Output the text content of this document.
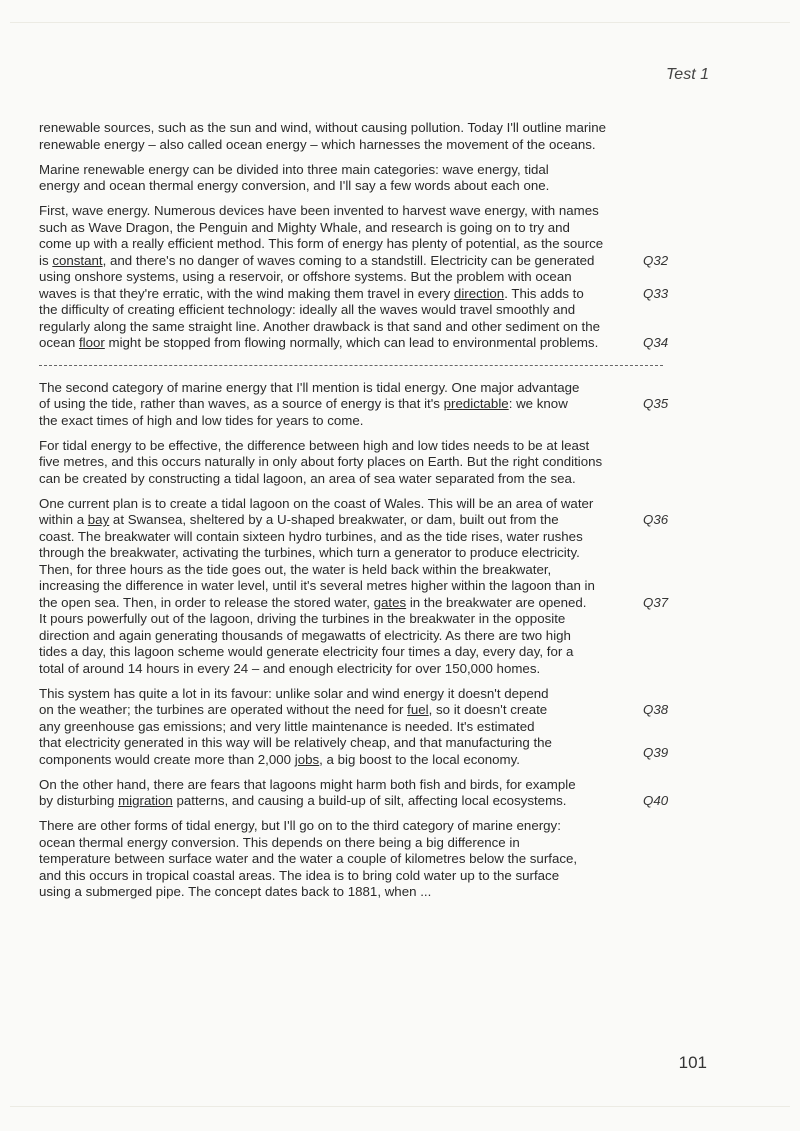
Test 1
renewable sources, such as the sun and wind, without causing pollution. Today I'll outline marine
renewable energy – also called ocean energy – which harnesses the movement of the oceans.
Marine renewable energy can be divided into three main categories: wave energy, tidal
energy and ocean thermal energy conversion, and I'll say a few words about each one.
First, wave energy. Numerous devices have been invented to harvest wave energy, with names
such as Wave Dragon, the Penguin and Mighty Whale, and research is going on to try and
come up with a really efficient method. This form of energy has plenty of potential, as the source
is constant, and there's no danger of waves coming to a standstill. Electricity can be generated
using onshore systems, using a reservoir, or offshore systems. But the problem with ocean
waves is that they're erratic, with the wind making them travel in every direction. This adds to
the difficulty of creating efficient technology: ideally all the waves would travel smoothly and
regularly along the same straight line. Another drawback is that sand and other sediment on the
ocean floor might be stopped from flowing normally, which can lead to environmental problems.
Q32
Q33
Q34
The second category of marine energy that I'll mention is tidal energy. One major advantage
of using the tide, rather than waves, as a source of energy is that it's predictable: we know
the exact times of high and low tides for years to come.
Q35
For tidal energy to be effective, the difference between high and low tides needs to be at least
five metres, and this occurs naturally in only about forty places on Earth. But the right conditions
can be created by constructing a tidal lagoon, an area of sea water separated from the sea.
One current plan is to create a tidal lagoon on the coast of Wales. This will be an area of water
within a bay at Swansea, sheltered by a U-shaped breakwater, or dam, built out from the
coast. The breakwater will contain sixteen hydro turbines, and as the tide rises, water rushes
through the breakwater, activating the turbines, which turn a generator to produce electricity.
Then, for three hours as the tide goes out, the water is held back within the breakwater,
increasing the difference in water level, until it's several metres higher within the lagoon than in
the open sea. Then, in order to release the stored water, gates in the breakwater are opened.
It pours powerfully out of the lagoon, driving the turbines in the breakwater in the opposite
direction and again generating thousands of megawatts of electricity. As there are two high
tides a day, this lagoon scheme would generate electricity four times a day, every day, for a
total of around 14 hours in every 24 – and enough electricity for over 150,000 homes.
Q36
Q37
This system has quite a lot in its favour: unlike solar and wind energy it doesn't depend
on the weather; the turbines are operated without the need for fuel, so it doesn't create
any greenhouse gas emissions; and very little maintenance is needed. It's estimated
that electricity generated in this way will be relatively cheap, and that manufacturing the
components would create more than 2,000 jobs, a big boost to the local economy.
Q38
Q39
On the other hand, there are fears that lagoons might harm both fish and birds, for example
by disturbing migration patterns, and causing a build-up of silt, affecting local ecosystems.	Q40
There are other forms of tidal energy, but I'll go on to the third category of marine energy:
ocean thermal energy conversion. This depends on there being a big difference in
temperature between surface water and the water a couple of kilometres below the surface,
and this occurs in tropical coastal areas. The idea is to bring cold water up to the surface
using a submerged pipe. The concept dates back to 1881, when ...
101
